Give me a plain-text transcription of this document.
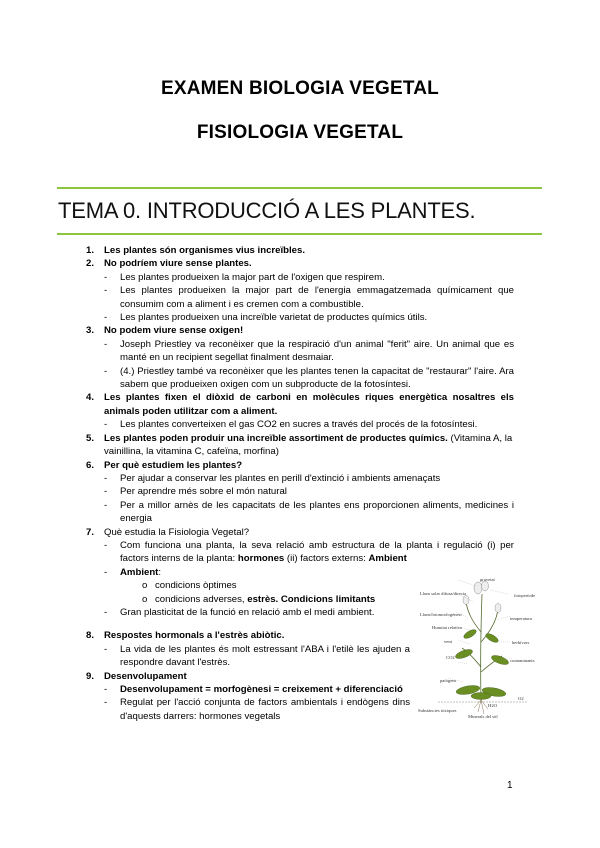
EXAMEN BIOLOGIA VEGETAL
FISIOLOGIA VEGETAL
TEMA 0. INTRODUCCIÓ A LES PLANTES.
1. Les plantes són organismes vius increïbles.
2. No podríem viure sense plantes.
- Les plantes produeixen la major part de l'oxigen que respirem.
- Les plantes produeixen la major part de l'energia emmagatzemada químicament que consumim com a aliment i es cremen com a combustible.
- Les plantes produeixen una increïble varietat de productes químics útils.
3. No podem viure sense oxigen!
- Joseph Priestley va reconèixer que la respiració d'un animal "ferit" aire. Un animal que es manté en un recipient segellat finalment desmaiar.
- (4.) Priestley també va reconèixer que les plantes tenen la capacitat de "restaurar" l'aire. Ara sabem que produeixen oxigen com un subproducte de la fotosíntesi.
4. Les plantes fixen el diòxid de carboni en molècules riques energètica nosaltres els animals poden utilitzar com a aliment.
- Les plantes converteixen el gas CO2 en sucres a través del procés de la fotosíntesi.
5. Les plantes poden produir una increïble assortiment de productes químics. (Vitamina A, la vainillina, la vitamina C, cafeïna, morfina)
6. Per què estudiem les plantes?
- Per ajudar a conservar les plantes en perill d'extinció i ambients amenaçats
- Per aprendre més sobre el món natural
- Per a millor arnès de les capacitats de les plantes ens proporcionen aliments, medicines i energia
7. Què estudia la Fisiologia Vegetal?
- Com funciona una planta, la seva relació amb estructura de la planta i regulació (i) per factors interns de la planta: hormones (ii) factors externs: Ambient
- Ambient:
o condicions òptimes
o condicions adverses, estrès. Condicions limitants
- Gran plasticitat de la funció en relació amb el medi ambient.
8. Respostes hormonals a l'estrès abiòtic.
- La vida de les plantes és molt estressant l'ABA i l'etilè les ajuden a respondre davant l'estrès.
9. Desenvolupament
- Desenvolupament = morfogènesi = creixement + diferenciació
- Regulat per l'acció conjunta de factors ambientals i endògens dins d'aquests darrers: hormones vegetals
gravetat
Llum solar difusa/directa	fotoperíode
Llum/fotomorfogènesi
temperatura
Humitat relativa
vent	herbívors
CO2
contaminants
patògens
O2
Substàncies tòxiques
H2O
Minerals del sòl
1
